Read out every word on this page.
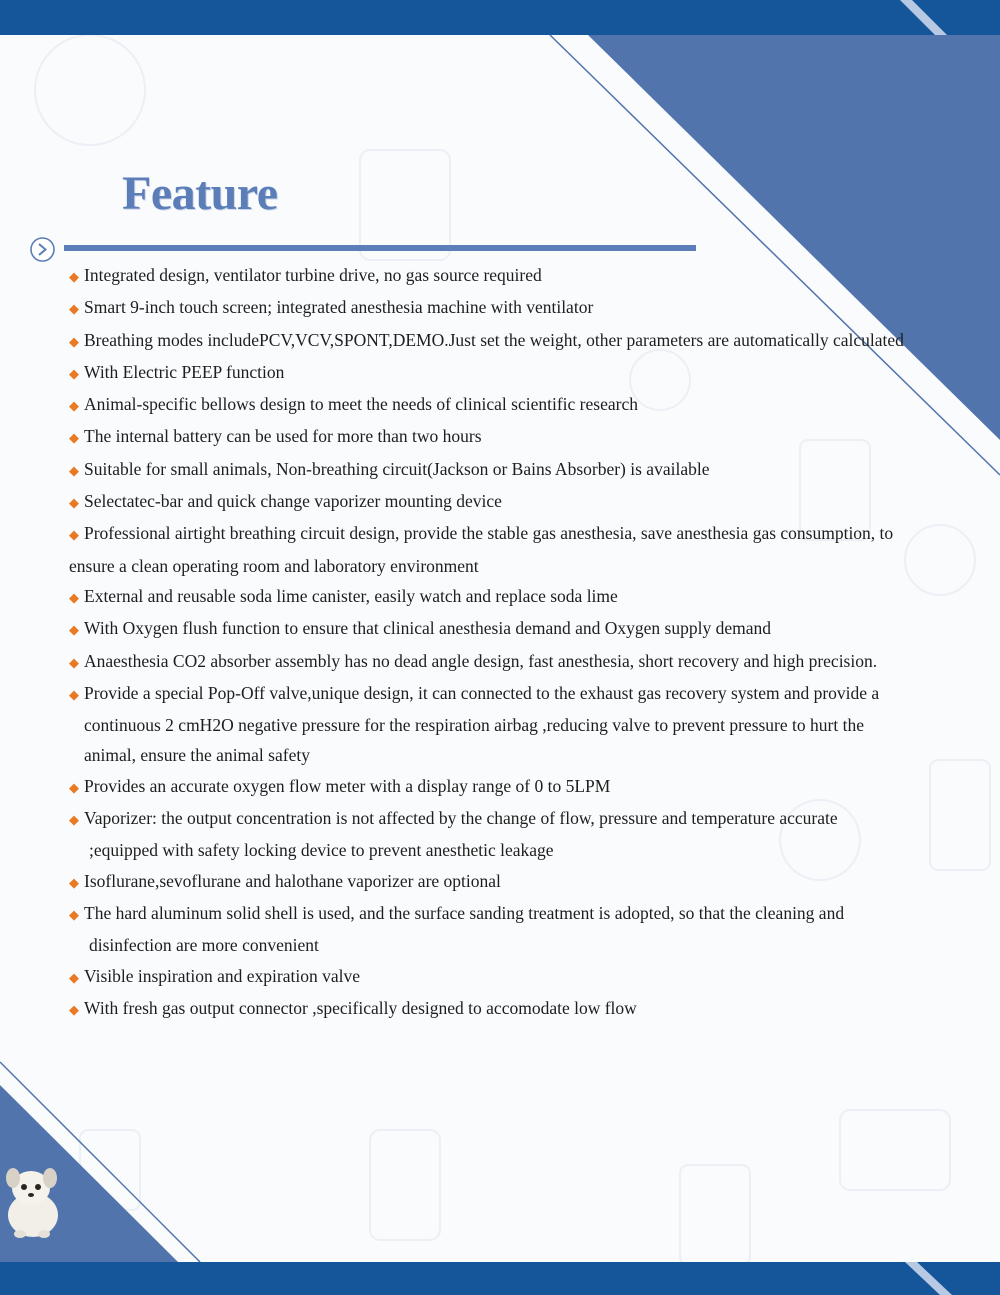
Feature
◆ Integrated design, ventilator turbine drive, no gas source required
◆ Smart 9-inch touch screen; integrated anesthesia machine with ventilator
◆ Breathing modes includePCV,VCV,SPONT,DEMO.Just set the weight, other parameters are automatically calculated
◆ With Electric PEEP function
◆ Animal-specific bellows design to meet the needs of clinical scientific research
◆ The internal battery can be used for more than two hours
◆ Suitable for small animals, Non-breathing circuit(Jackson or Bains Absorber) is available
◆ Selectatec-bar and quick change vaporizer mounting device
◆ Professional airtight breathing circuit design, provide the stable gas anesthesia, save anesthesia gas consumption, to ensure a clean operating room and laboratory environment
◆ External and reusable soda lime canister, easily watch and replace soda lime
◆ With Oxygen flush function to ensure that clinical anesthesia demand and Oxygen supply demand
◆ Anaesthesia CO2 absorber assembly has no dead angle design, fast anesthesia, short recovery and high precision.
◆ Provide a special Pop-Off valve,unique design, it can connected to the exhaust gas recovery system and provide a continuous 2 cmH2O negative pressure for the respiration airbag ,reducing valve to prevent pressure to hurt the animal, ensure the animal safety
◆ Provides an accurate oxygen flow meter with a display range of 0 to 5LPM
◆ Vaporizer: the output concentration is not affected by the change of flow, pressure and temperature accurate ;equipped with safety locking device to prevent anesthetic leakage
◆ Isoflurane,sevoflurane and halothane vaporizer are optional
◆ The hard aluminum solid shell is used, and the surface sanding treatment is adopted, so that the cleaning and disinfection are more convenient
◆ Visible inspiration and expiration valve
◆ With fresh gas output connector ,specifically designed to accomodate low flow
